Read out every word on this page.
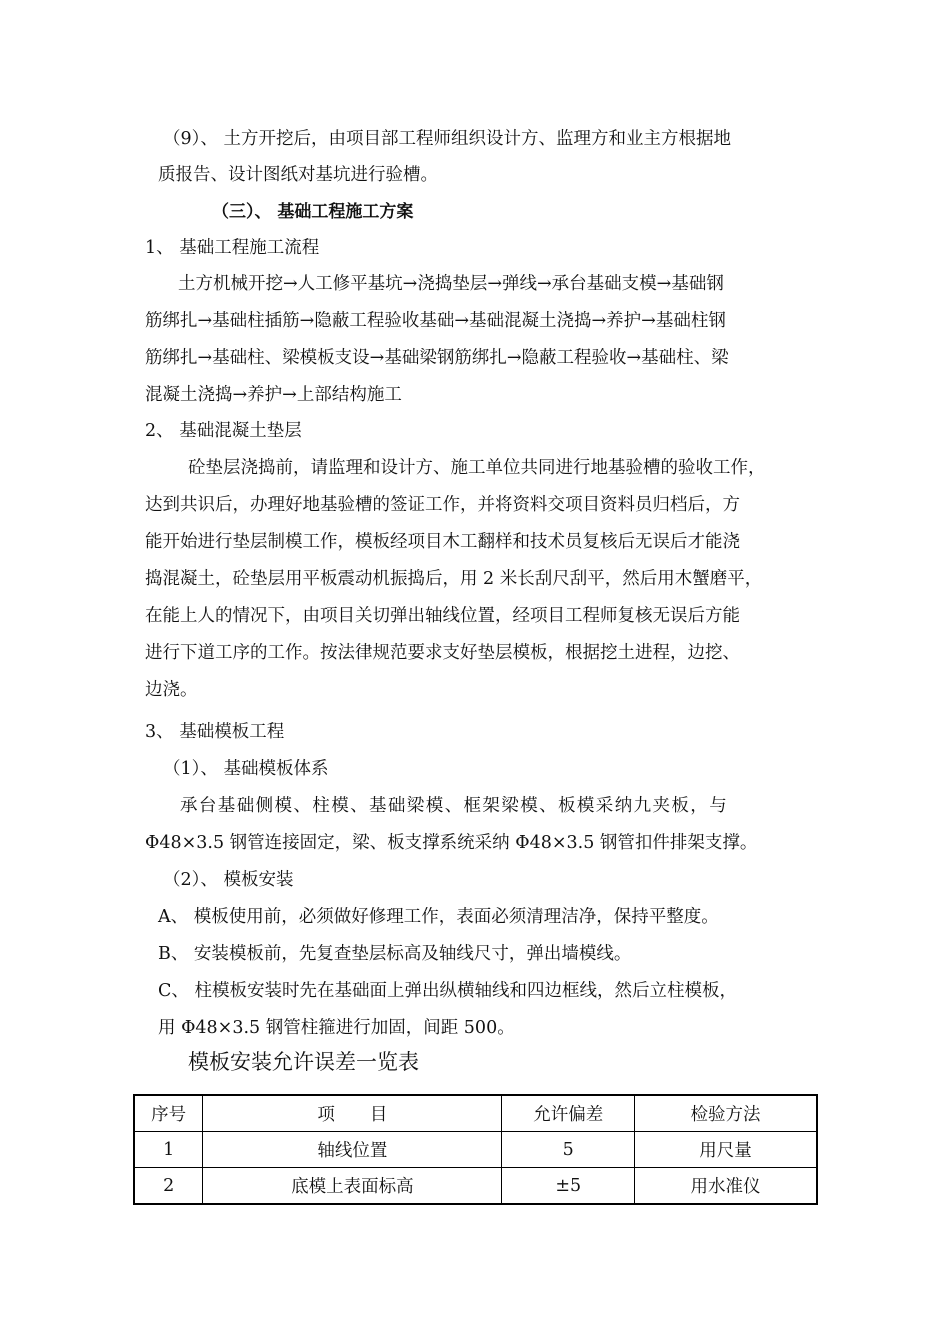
（9）、 土方开挖后，由项目部工程师组织设计方、监理方和业主方根据地
质报告、设计图纸对基坑进行验槽。
（三）、 基础工程施工方案
1、 基础工程施工流程
土方机械开挖→人工修平基坑→浇捣垫层→弹线→承台基础支模→基础钢
筋绑扎→基础柱插筋→隐蔽工程验收基础→基础混凝土浇捣→养护→基础柱钢
筋绑扎→基础柱、梁模板支设→基础梁钢筋绑扎→隐蔽工程验收→基础柱、梁
混凝土浇捣→养护→上部结构施工
2、 基础混凝土垫层
砼垫层浇捣前，请监理和设计方、施工单位共同进行地基验槽的验收工作，
达到共识后，办理好地基验槽的签证工作，并将资料交项目资料员归档后，方
能开始进行垫层制模工作，模板经项目木工翻样和技术员复核后无误后才能浇
捣混凝土，砼垫层用平板震动机振捣后，用 2 米长刮尺刮平，然后用木蟹磨平，
在能上人的情况下，由项目关切弹出轴线位置，经项目工程师复核无误后方能
进行下道工序的工作。按法律规范要求支好垫层模板，根据挖土进程，边挖、
边浇。
3、 基础模板工程
（1）、 基础模板体系
承台基础侧模、柱模、基础梁模、框架梁模、板模采纳九夹板，与
Φ48×3.5 钢管连接固定，梁、板支撑系统采纳 Φ48×3.5 钢管扣件排架支撑。
（2）、 模板安装
A、 模板使用前，必须做好修理工作，表面必须清理洁净，保持平整度。
B、 安装模板前，先复查垫层标高及轴线尺寸，弹出墙模线。
C、 柱模板安装时先在基础面上弹出纵横轴线和四边框线，然后立柱模板，
用 Φ48×3.5 钢管柱箍进行加固，间距 500。
模板安装允许误差一览表
序号	项　　目	允许偏差	检验方法
1	轴线位置	5	用尺量
2	底模上表面标高	±5	用水准仪
